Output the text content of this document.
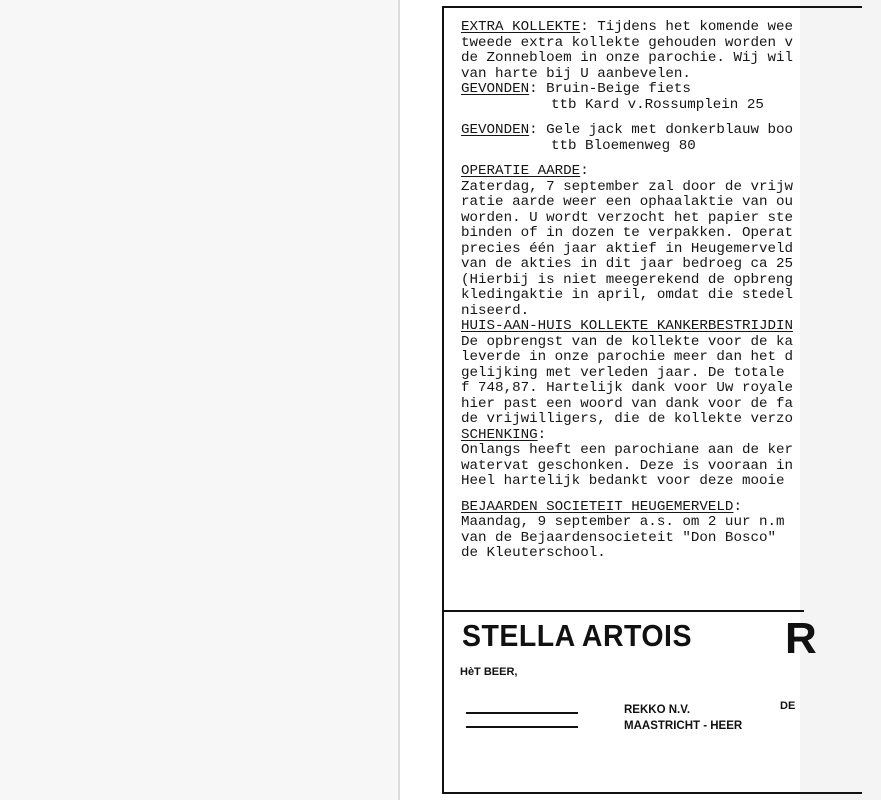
EXTRA KOLLEKTE: Tijdens het komende wee
tweede extra kollekte gehouden worden v
de Zonnebloem in onze parochie. Wij wil
van harte bij U aanbevelen.
GEVONDEN: Bruin-Beige fiets
ttb Kard v.Rossumplein 25
GEVONDEN: Gele jack met donkerblauw boo
ttb Bloemenweg 80
OPERATIE AARDE:
Zaterdag, 7 september zal door de vrijw
ratie aarde weer een ophaalaktie van ou
worden. U wordt verzocht het papier ste
binden of in dozen te verpakken. Operat
precies één jaar aktief in Heugemerveld
van de akties in dit jaar bedroeg ca 25
(Hierbij is niet meegerekend de opbreng
kledingaktie in april, omdat die stedel
niseerd.
HUIS-AAN-HUIS KOLLEKTE KANKERBESTRIJDIN
De opbrengst van de kollekte voor de ka
leverde in onze parochie meer dan het d
gelijking met verleden jaar. De totale
f 748,87. Hartelijk dank voor Uw royale
hier past een woord van dank voor de fa
de vrijwilligers, die de kollekte verzo
SCHENKING:
Onlangs heeft een parochiane aan de ker
watervat geschonken. Deze is vooraan in
Heel hartelijk bedankt voor deze mooie
BEJAARDEN SOCIETEIT HEUGEMERVELD:
Maandag, 9 september a.s. om 2 uur n.m
van de Bejaardensocieteit "Don Bosco"
de Kleuterschool.
STELLA ARTOIS
HèT BEER,
R
DE
REKKO N.V.
MAASTRICHT - HEER
